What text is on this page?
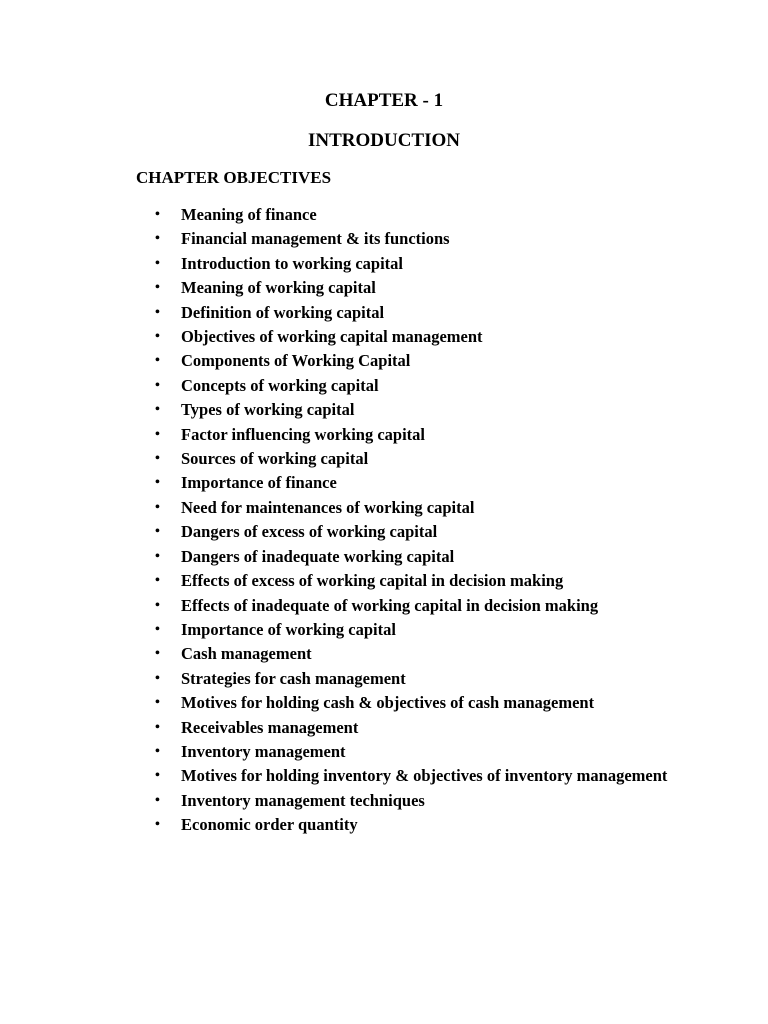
CHAPTER - 1
INTRODUCTION
CHAPTER OBJECTIVES
•	Meaning of finance
•	Financial management & its functions
•	Introduction to working capital
•	Meaning of working capital
•	Definition of working capital
•	Objectives of working capital management
•	Components of Working Capital
•	Concepts of working capital
•	Types of working capital
•	Factor influencing working capital
•	Sources of working capital
•	Importance of finance
•	Need for maintenances of working capital
•	Dangers of excess of working capital
•	Dangers of inadequate working capital
•	Effects of excess of working capital in decision making
•	Effects of inadequate of working capital in decision making
•	Importance of working capital
•	Cash management
•	Strategies for cash management
•	Motives for holding cash & objectives of cash management
•	Receivables management
•	Inventory management
•	Motives for holding inventory & objectives of inventory management
•	Inventory management techniques
•	Economic order quantity
